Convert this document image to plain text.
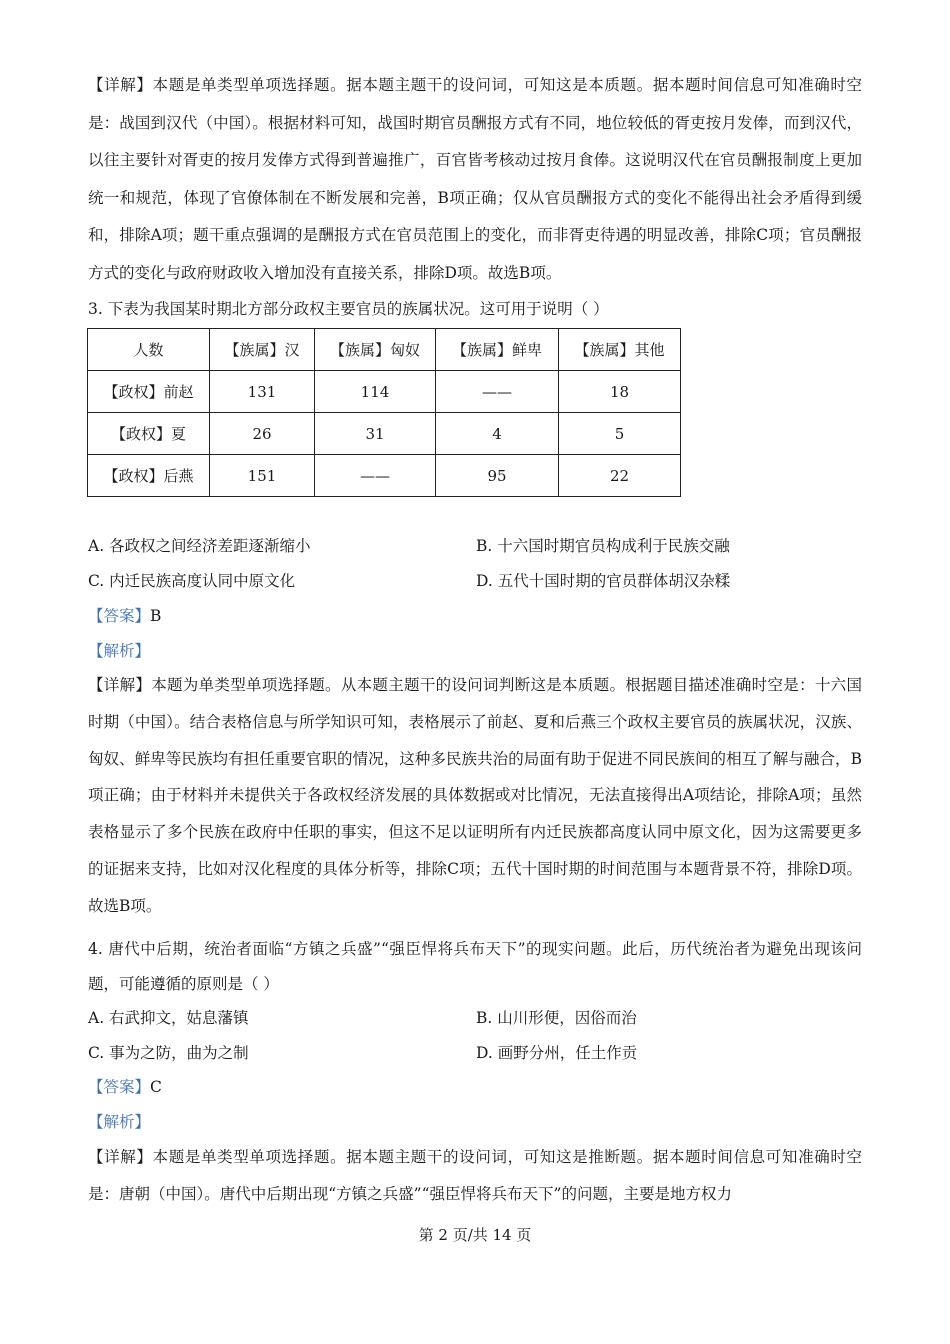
【详解】本题是单类型单项选择题。据本题主题干的设问词，可知这是本质题。据本题时间信息可知准确时空是：战国到汉代（中国）。根据材料可知，战国时期官员酬报方式有不同，地位较低的胥吏按月发俸，而到汉代，以往主要针对胥吏的按月发俸方式得到普遍推广，百官皆考核动过按月食俸。这说明汉代在官员酬报制度上更加统一和规范，体现了官僚体制在不断发展和完善，B项正确；仅从官员酬报方式的变化不能得出社会矛盾得到缓和，排除A项；题干重点强调的是酬报方式在官员范围上的变化，而非胥吏待遇的明显改善，排除C项；官员酬报方式的变化与政府财政收入增加没有直接关系，排除D项。故选B项。

3. 下表为我国某时期北方部分政权主要官员的族属状况。这可用于说明（ ）

人数	【族属】汉	【族属】匈奴	【族属】鲜卑	【族属】其他
【政权】前赵	131	114	——	18
【政权】夏	26	31	4	5
【政权】后燕	151	——	95	22

A. 各政权之间经济差距逐渐缩小	B. 十六国时期官员构成利于民族交融

C. 内迁民族高度认同中原文化	D. 五代十国时期的官员群体胡汉杂糅

【答案】B

【解析】

【详解】本题为单类型单项选择题。从本题主题干的设问词判断这是本质题。根据题目描述准确时空是：十六国时期（中国）。结合表格信息与所学知识可知，表格展示了前赵、夏和后燕三个政权主要官员的族属状况，汉族、匈奴、鲜卑等民族均有担任重要官职的情况，这种多民族共治的局面有助于促进不同民族间的相互了解与融合，B项正确；由于材料并未提供关于各政权经济发展的具体数据或对比情况，无法直接得出A项结论，排除A项；虽然表格显示了多个民族在政府中任职的事实，但这不足以证明所有内迁民族都高度认同中原文化，因为这需要更多的证据来支持，比如对汉化程度的具体分析等，排除C项；五代十国时期的时间范围与本题背景不符，排除D项。故选B项。

4. 唐代中后期，统治者面临“方镇之兵盛”“强臣悍将兵布天下”的现实问题。此后，历代统治者为避免出现该问题，可能遵循的原则是（ ）

A. 右武抑文，姑息藩镇	B. 山川形便，因俗而治

C. 事为之防，曲为之制	D. 画野分州，任土作贡

【答案】C

【解析】

【详解】本题是单类型单项选择题。据本题主题干的设问词，可知这是推断题。据本题时间信息可知准确时空是：唐朝（中国）。唐代中后期出现“方镇之兵盛”“强臣悍将兵布天下”的问题，主要是地方权力

第 2 页/共 14 页
